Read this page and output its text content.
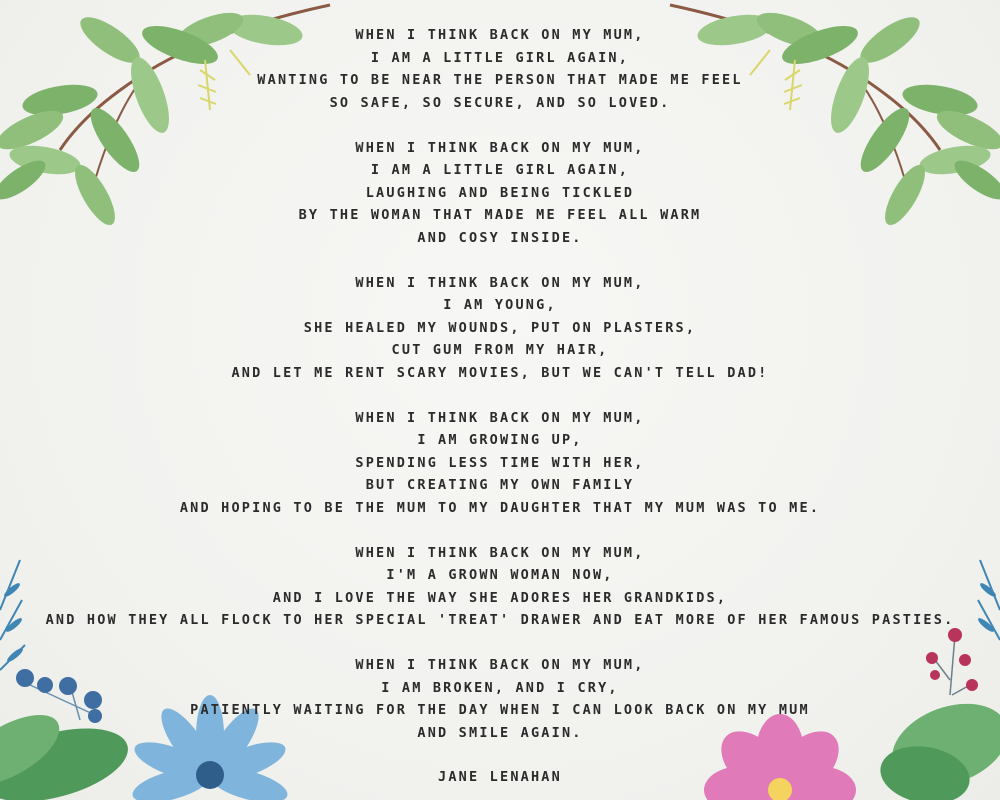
WHEN I THINK BACK ON MY MUM,
I AM A LITTLE GIRL AGAIN,
WANTING TO BE NEAR THE PERSON THAT MADE ME FEEL
SO SAFE, SO SECURE, AND SO LOVED.
WHEN I THINK BACK ON MY MUM,
I AM A LITTLE GIRL AGAIN,
LAUGHING AND BEING TICKLED
BY THE WOMAN THAT MADE ME FEEL ALL WARM
AND COSY INSIDE.
WHEN I THINK BACK ON MY MUM,
I AM YOUNG,
SHE HEALED MY WOUNDS, PUT ON PLASTERS,
CUT GUM FROM MY HAIR,
AND LET ME RENT SCARY MOVIES, BUT WE CAN'T TELL DAD!
WHEN I THINK BACK ON MY MUM,
I AM GROWING UP,
SPENDING LESS TIME WITH HER,
BUT CREATING MY OWN FAMILY
AND HOPING TO BE THE MUM TO MY DAUGHTER THAT MY MUM WAS TO ME.
WHEN I THINK BACK ON MY MUM,
I'M A GROWN WOMAN NOW,
AND I LOVE THE WAY SHE ADORES HER GRANDKIDS,
AND HOW THEY ALL FLOCK TO HER SPECIAL 'TREAT' DRAWER AND EAT MORE OF HER FAMOUS PASTIES.
WHEN I THINK BACK ON MY MUM,
I AM BROKEN, AND I CRY,
PATIENTLY WAITING FOR THE DAY WHEN I CAN LOOK BACK ON MY MUM
AND SMILE AGAIN.
JANE LENAHAN
